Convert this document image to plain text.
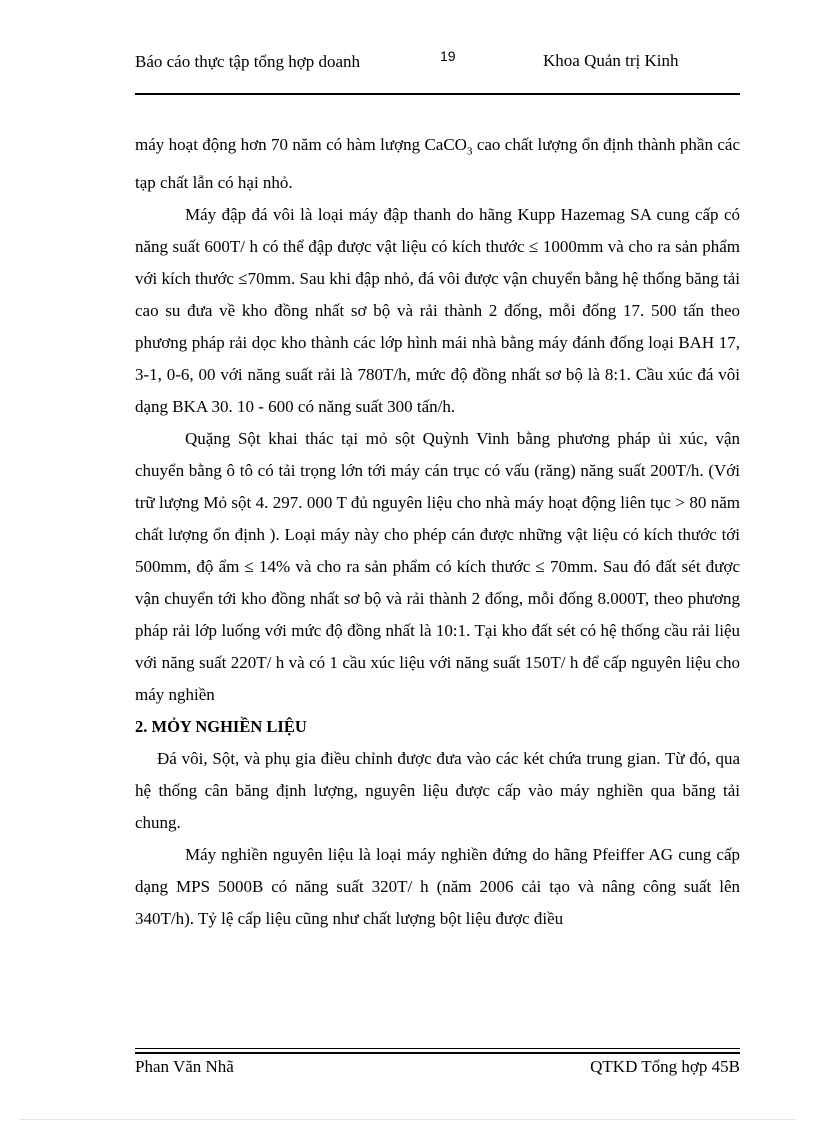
Báo cáo thực tập tổng hợp doanh	19	Khoa Quản trị Kinh

máy hoạt động hơn 70 năm có hàm lượng CaCO$_3$ cao chất lượng ổn định thành phần các tạp chất lẫn có hại nhỏ.

Máy đập đá vôi là loại máy đập thanh do hãng Kupp Hazemag SA cung cấp có năng suất 600T/ h có thể đập được vật liệu có kích thước ≤ 1000mm và cho ra sản phẩm với kích thước ≤70mm. Sau khi đập nhỏ, đá vôi được vận chuyển bằng hệ thống băng tải cao su đưa về kho đồng nhất sơ bộ và rải thành 2 đống, mỗi đống 17. 500 tấn theo phương pháp rải dọc kho thành các lớp hình mái nhà bằng máy đánh đống loại BAH 17, 3-1, 0-6, 00 với năng suất rải là 780T/h, mức độ đồng nhất sơ bộ là 8:1. Cầu xúc đá vôi dạng BKA 30. 10 - 600 có năng suất 300 tấn/h.

Quặng Sột khai thác tại mỏ sột Quỳnh Vinh bằng phương pháp ủi xúc, vận chuyển bằng ô tô có tải trọng lớn tới máy cán trục có vấu (răng) năng suất 200T/h. (Với trữ lượng Mỏ sột 4. 297. 000 T đủ nguyên liệu cho nhà máy hoạt động liên tục > 80 năm chất lượng ổn định ). Loại máy này cho phép cán được những vật liệu có kích thước tới 500mm, độ ẩm ≤ 14% và cho ra sản phẩm có kích thước ≤ 70mm. Sau đó đất sét được vận chuyển tới kho đồng nhất sơ bộ và rải thành 2 đống, mỗi đống 8.000T, theo phương pháp rải lớp luống với mức độ đồng nhất là 10:1. Tại kho đất sét có hệ thống cầu rải liệu với năng suất 220T/ h và có 1 cầu xúc liệu với năng suất 150T/ h để cấp nguyên liệu cho máy nghiền

2. MỎY NGHIỀN LIỆU

Đá vôi, Sột, và phụ gia điều chỉnh được đưa vào các két chứa trung gian. Từ đó, qua hệ thống cân băng định lượng, nguyên liệu được cấp vào máy nghiền qua băng tải chung.

Máy nghiền nguyên liệu là loại máy nghiền đứng do hãng Pfeiffer AG cung cấp dạng MPS 5000B có năng suất 320T/ h (năm 2006 cải tạo và nâng công suất lên 340T/h). Tỷ lệ cấp liệu cũng như chất lượng bột liệu được điều

Phan Văn Nhã	QTKD Tổng hợp 45B
